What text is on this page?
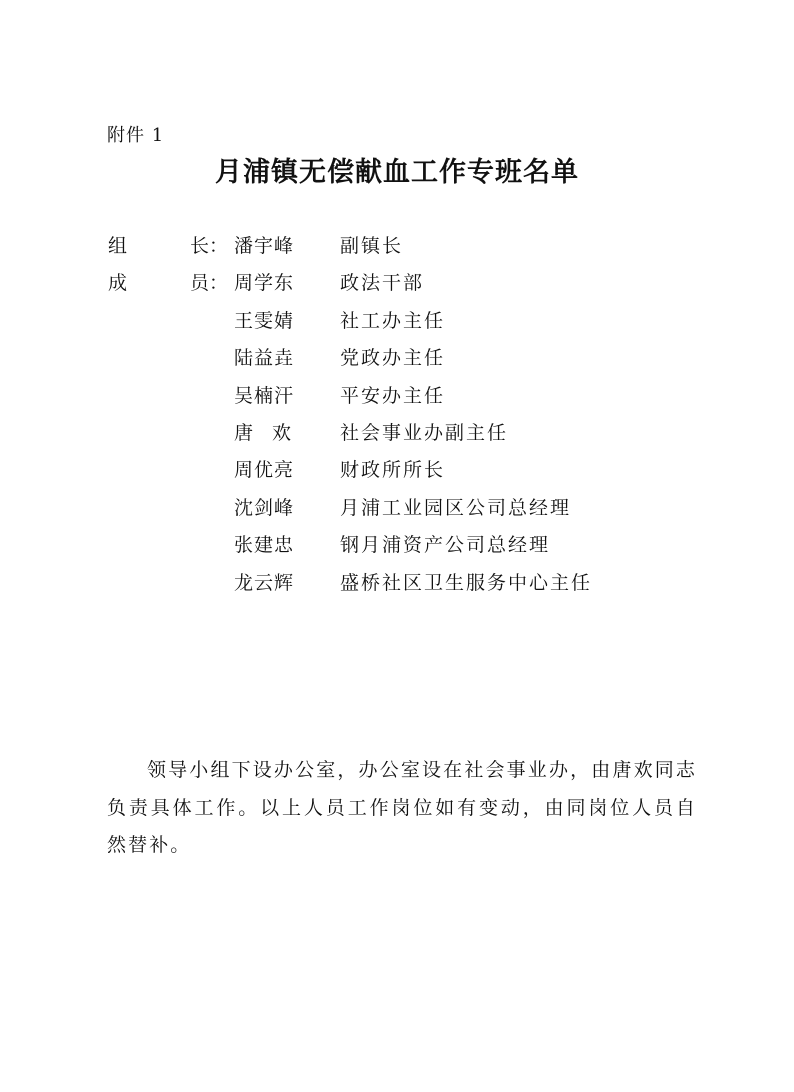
附件 1
月浦镇无偿献血工作专班名单
组	长： 潘宇峰 副镇长
成	员： 周学东 政法干部
王雯婧 社工办主任
陆益垚 党政办主任
吴楠汗 平安办主任
唐　欢	社会事业办副主任
周优亮 财政所所长
沈剑峰 月浦工业园区公司总经理
张建忠 钢月浦资产公司总经理
龙云辉 盛桥社区卫生服务中心主任
领导小组下设办公室，办公室设在社会事业办，由唐欢同志负责具体工作。以上人员工作岗位如有变动，由同岗位人员自然替补。
